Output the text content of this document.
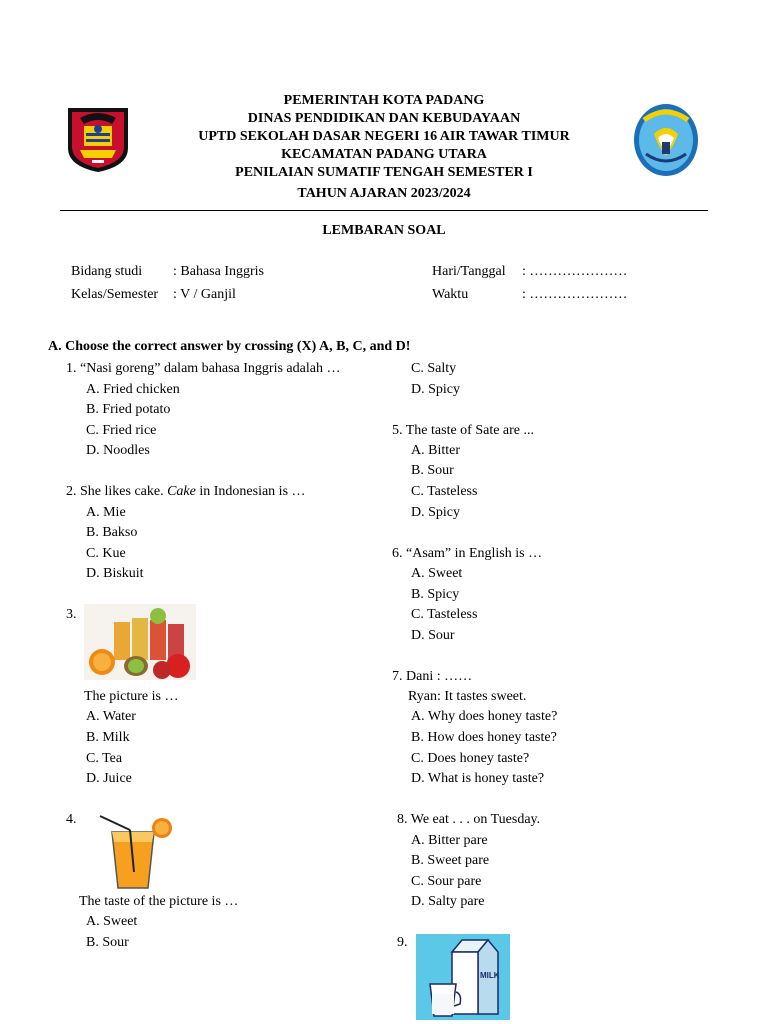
PEMERINTAH KOTA PADANG
DINAS PENDIDIKAN DAN KEBUDAYAAN
UPTD SEKOLAH DASAR NEGERI 16 AIR TAWAR TIMUR
KECAMATAN PADANG UTARA
PENILAIAN SUMATIF TENGAH SEMESTER I
TAHUN AJARAN 2023/2024
LEMBARAN SOAL
Bidang studi : Bahasa Inggris
Kelas/Semester : V / Ganjil
Hari/Tanggal : …………………
Waktu	: …………………
A. Choose the correct answer by crossing (X) A, B, C, and D!
1. “Nasi goreng” dalam bahasa Inggris adalah …
A. Fried chicken
B. Fried potato
C. Fried rice
D. Noodles
2. She likes cake. Cake in Indonesian is …
A. Mie
B. Bakso
C. Kue
D. Biskuit
3.
The picture is …
A. Water
B. Milk
C. Tea
D. Juice
4.
The taste of the picture is …
A. Sweet
B. Sour
C. Salty
D. Spicy
5. The taste of Sate are ...
A. Bitter
B. Sour
C. Tasteless
D. Spicy
6. “Asam” in English is …
A. Sweet
B. Spicy
C. Tasteless
D. Sour
7. Dani : ……
Ryan: It tastes sweet.
A. Why does honey taste?
B. How does honey taste?
C. Does honey taste?
D. What is honey taste?
8. We eat . . . on Tuesday.
A. Bitter pare
B. Sweet pare
C. Sour pare
D. Salty pare
9.
MILK
